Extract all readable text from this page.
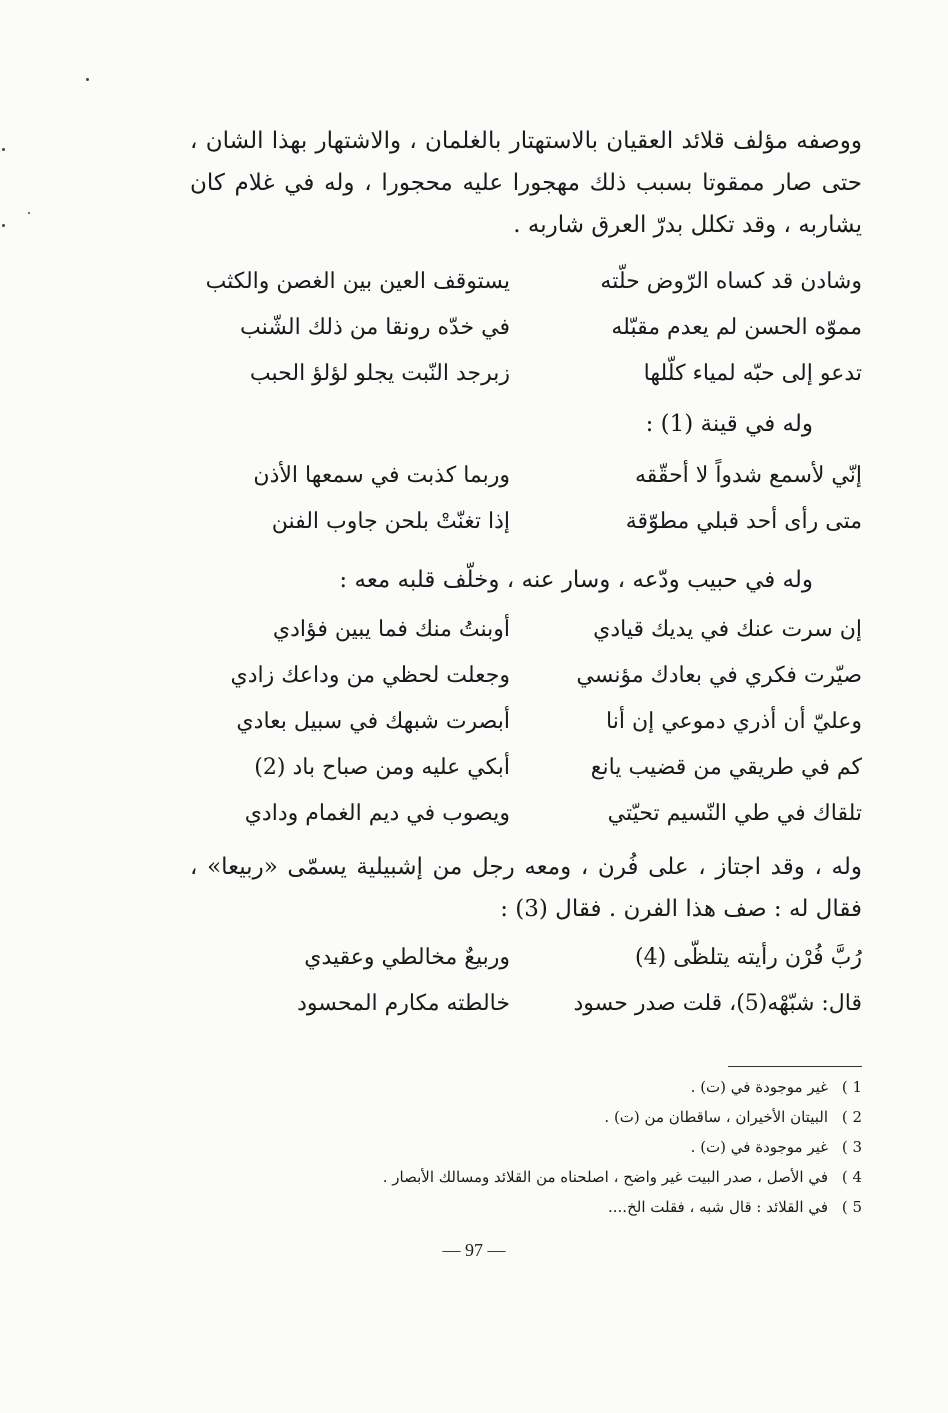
ووصفه مؤلف قلائد العقيان بالاستهتار بالغلمان ، والاشتهار بهذا الشان ، حتى صار ممقوتا بسبب ذلك مهجورا عليه محجورا ، وله في غلام كان يشاربه ، وقد تكلل بدرّ العرق شاربه .
وشادن قد كساه الرّوض حلّته
يستوقف العين بين الغصن والكثب
مموّه الحسن لم يعدم مقبّله
في خدّه رونقا من ذلك الشّنب
تدعو إلى حبّه لمياء كلّلها
زبرجد النّبت يجلو لؤلؤ الحبب
وله في قينة (1) :
إنّي لأسمع شدواً لا أحقّقه
وربما كذبت في سمعها الأذن
متى رأى أحد قبلي مطوّقة
إذا تغنّتْ بلحن جاوب الفنن
وله في حبيب ودّعه ، وسار عنه ، وخلّف قلبه معه :
إن سرت عنك في يديك قيادي
أوبنتُ منك فما يبين فؤادي
صيّرت فكري في بعادك مؤنسي
وجعلت لحظي من وداعك زادي
وعليّ أن أذري دموعي إن أنا
أبصرت شبهك في سبيل بعادي
كم في طريقي من قضيب يانع
أبكي عليه ومن صباح باد (2)
تلقاك في طي النّسيم تحيّتي
ويصوب في ديم الغمام ودادي
وله ، وقد اجتاز ، على فُرن ، ومعه رجل من إشبيلية يسمّى «ربيعا» ، فقال له : صف هذا الفرن . فقال (3) :
رُبَّ فُرْن رأيته يتلظّى (4)
وربيعٌ مخالطي وعقيدي
قال: شبّهْه(5)، قلت صدر حسود
خالطته مكارم المحسود
1 )غير موجودة في (ت) .
2 )البيتان الأخيران ، ساقطان من (ت) .
3 )غير موجودة في (ت) .
4 )في الأصل ، صدر البيت غير واضح ، اصلحناه من القلائد ومسالك الأبصار .
5 )في القلائد : قال شبه ، فقلت الخ....
— 97 —
